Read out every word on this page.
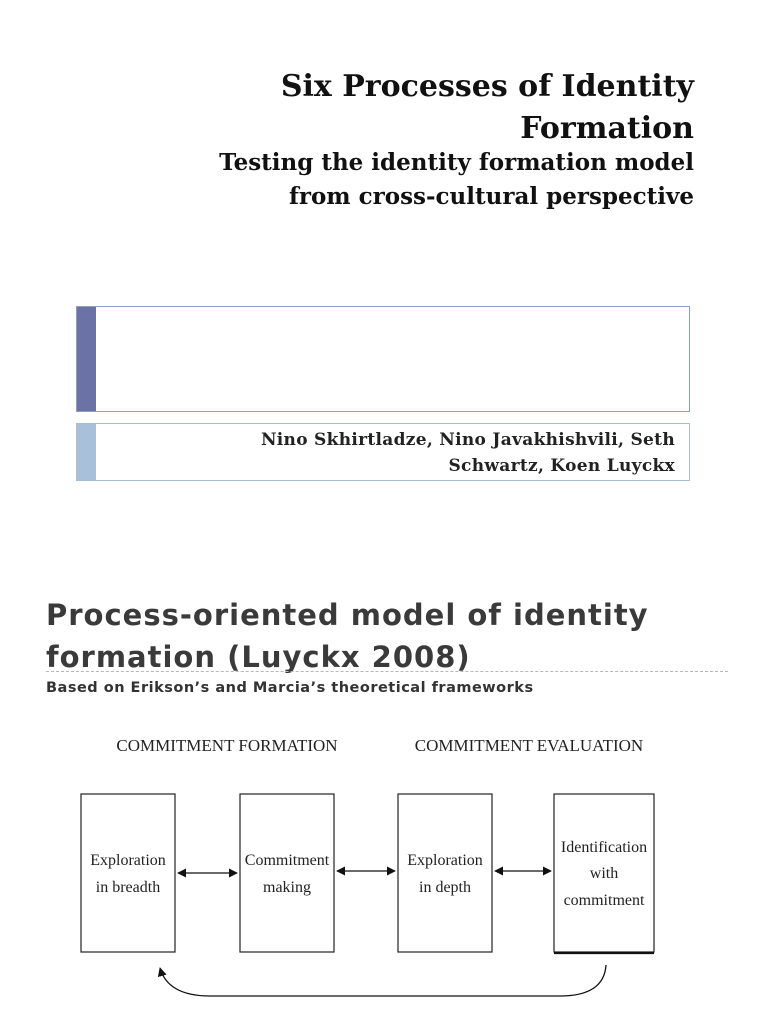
Six Processes of Identity
Formation
Testing the identity formation model
from cross-cultural perspective
Nino Skhirtladze, Nino Javakhishvili, Seth
Schwartz, Koen Luyckx
Process-oriented model of identity
formation (Luyckx 2008)
Based on Erikson’s and Marcia’s theoretical frameworks
COMMITMENT FORMATION	COMMITMENT EVALUATION
Exploration
in breadth
Commitment
making
Exploration
in depth
Identification
with
commitment
